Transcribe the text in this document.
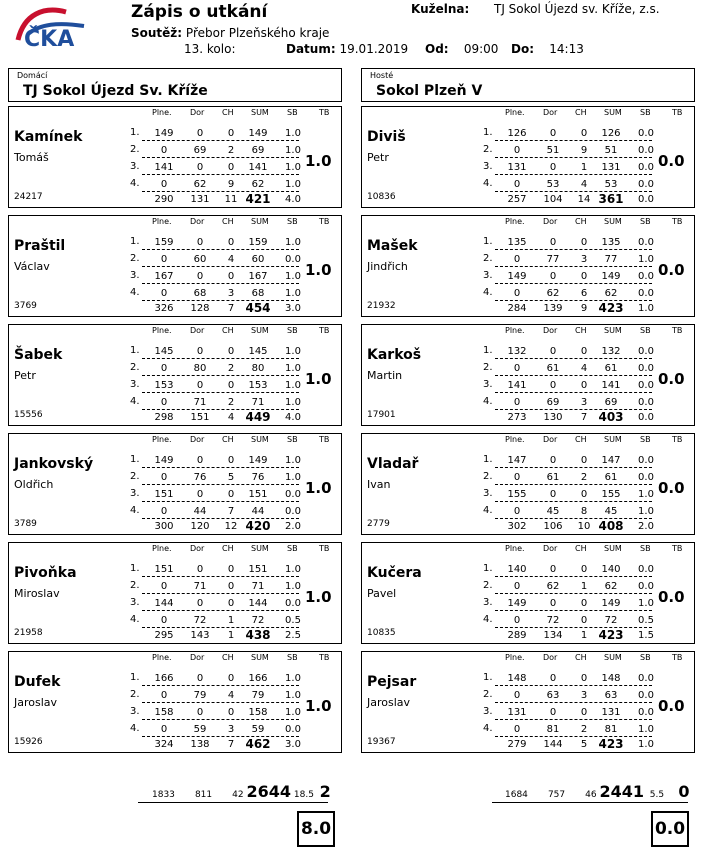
ČKA
Zápis o utkání
Soutěž: Přebor Plzeňského kraje
13. kolo:
Kuželna: TJ Sokol Újezd sv. Kříže, z.s.
Datum: 19.01.2019 Od: 09:00 Do: 14:13
Domácí
TJ Sokol Újezd Sv. Kříže
Hosté
Sokol Plzeň V
Plne. Dor CH SUM SB	TB
Kamínek
Tomáš
24217
1.0
1.	149	0	0	149	1.0
2.	0	69	2	69	1.0
3.	141	0	0	141	1.0
4.	0	62	9	62	1.0
290	131	11 421	4.0
Plne. Dor CH SUM SB	TB
Praštil
Václav
3769
1.0
1.	159	0	0	159	1.0
2.	0	60	4	60	0.0
3.	167	0	0	167	1.0
4.	0	68	3	68	1.0
326	128	7 454	3.0
Plne. Dor CH SUM SB	TB
Šabek
Petr
15556
1.0
1.	145	0	0	145	1.0
2.	0	80	2	80	1.0
3.	153	0	0	153	1.0
4.	0	71	2	71	1.0
298	151	4 449	4.0
Plne. Dor CH SUM SB	TB
Jankovský
Oldřich
3789
1.0
1.	149	0	0	149	1.0
2.	0	76	5	76	1.0
3.	151	0	0	151	0.0
4.	0	44	7	44	0.0
300	120	12 420	2.0
Plne. Dor CH SUM SB	TB
Pivoňka
Miroslav
21958
1.0
1.	151	0	0	151	1.0
2.	0	71	0	71	1.0
3.	144	0	0	144	0.0
4.	0	72	1	72	0.5
295	143	1 438	2.5
Plne. Dor CH SUM SB	TB
Dufek
Jaroslav
15926
1.0
1.	166	0	0	166	1.0
2.	0	79	4	79	1.0
3.	158	0	0	158	1.0
4.	0	59	3	59	0.0
324	138	7 462	3.0
Plne. Dor CH SUM SB	TB
Diviš
Petr
10836
0.0
1.	126	0	0	126	0.0
2.	0	51	9	51	0.0
3.	131	0	1	131	0.0
4.	0	53	4	53	0.0
257	104	14 361	0.0
Plne. Dor CH SUM SB	TB
Mašek
Jindřich
21932
0.0
1.	135	0	0	135	0.0
2.	0	77	3	77	1.0
3.	149	0	0	149	0.0
4.	0	62	6	62	0.0
284	139	9 423	1.0
Plne. Dor CH SUM SB	TB
Karkoš
Martin
17901
0.0
1.	132	0	0	132	0.0
2.	0	61	4	61	0.0
3.	141	0	0	141	0.0
4.	0	69	3	69	0.0
273	130	7 403	0.0
Plne. Dor CH SUM SB	TB
Vladař
Ivan
2779
0.0
1.	147	0	0	147	0.0
2.	0	61	2	61	0.0
3.	155	0	0	155	1.0
4.	0	45	8	45	1.0
302	106	10 408	2.0
Plne. Dor CH SUM SB	TB
Kučera
Pavel
10835
0.0
1.	140	0	0	140	0.0
2.	0	62	1	62	0.0
3.	149	0	0	149	1.0
4.	0	72	0	72	0.5
289	134	1 423	1.5
Plne. Dor CH SUM SB	TB
Pejsar
Jaroslav
19367
0.0
1.	148	0	0	148	0.0
2.	0	63	3	63	0.0
3.	131	0	0	131	0.0
4.	0	81	2	81	1.0
279	144	5 423	1.0
1833 811 42 2644 18.5 2
8.0
1684 757 46 2441 5.5 0
0.0
